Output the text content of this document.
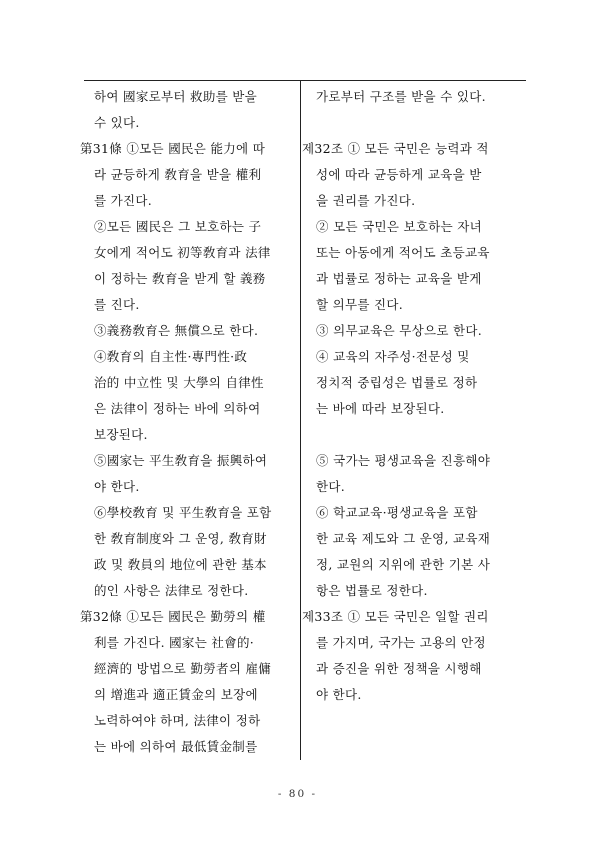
하여 國家로부터 救助를 받을
수 있다.
第31條 ①모든 國民은 能力에 따
라 균등하게 敎育을 받을 權利
를 가진다.
②모든 國民은 그 보호하는 子
女에게 적어도 初等敎育과 法律
이 정하는 敎育을 받게 할 義務
를 진다.
③義務敎育은 無償으로 한다.
④敎育의 自主性·專門性·政
治的 中立性 및 大學의 自律性
은 法律이 정하는 바에 의하여
보장된다.
⑤國家는 平生敎育을 振興하여
야 한다.
⑥學校敎育 및 平生敎育을 포함
한 敎育制度와 그 운영, 敎育財
政 및 敎員의 地位에 관한 基本
的인 사항은 法律로 정한다.
第32條 ①모든 國民은 勤勞의 權
利를 가진다. 國家는 社會的·
經濟的 방법으로 勤勞者의 雇傭
의 增進과 適正賃金의 보장에
노력하여야 하며, 法律이 정하
는 바에 의하여 最低賃金制를
가로부터 구조를 받을 수 있다.
제32조 ① 모든 국민은 능력과 적
성에 따라 균등하게 교육을 받
을 권리를 가진다.
② 모든 국민은 보호하는 자녀
또는 아동에게 적어도 초등교육
과 법률로 정하는 교육을 받게
할 의무를 진다.
③ 의무교육은 무상으로 한다.
④ 교육의 자주성·전문성 및
정치적 중립성은 법률로 정하
는 바에 따라 보장된다.
⑤ 국가는 평생교육을 진흥해야
한다.
⑥ 학교교육·평생교육을 포함
한 교육 제도와 그 운영, 교육재
정, 교원의 지위에 관한 기본 사
항은 법률로 정한다.
제33조 ① 모든 국민은 일할 권리
를 가지며, 국가는 고용의 안정
과 증진을 위한 정책을 시행해
야 한다.
- 80 -
